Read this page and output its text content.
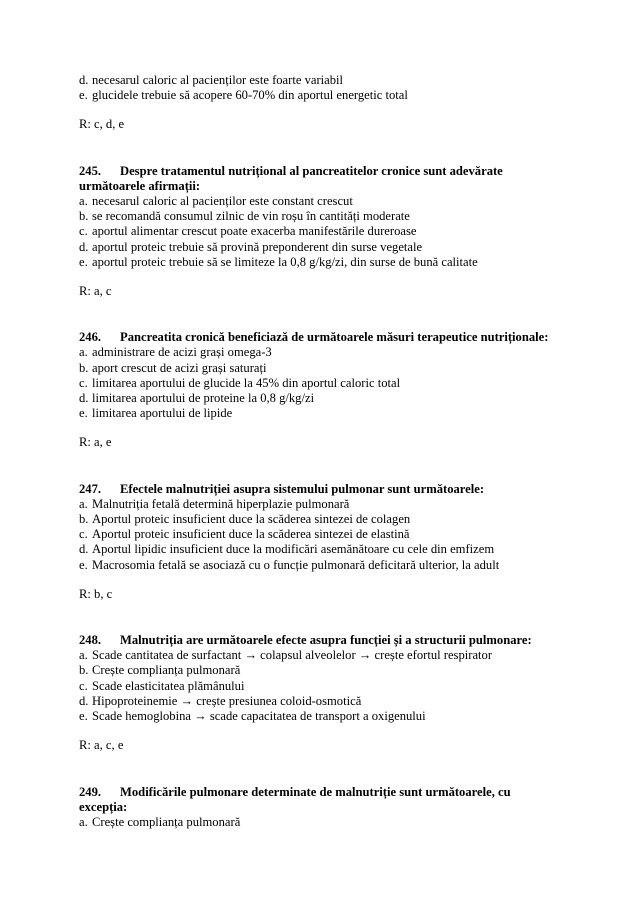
d. necesarul caloric al pacienților este foarte variabil
e. glucidele trebuie să acopere 60-70% din aportul energetic total
R: c, d, e
245. Despre tratamentul nutrițional al pancreatitelor cronice sunt adevărate
următoarele afirmații:
a. necesarul caloric al pacienților este constant crescut
b. se recomandă consumul zilnic de vin roșu în cantități moderate
c. aportul alimentar crescut poate exacerba manifestările dureroase
d. aportul proteic trebuie să provină preponderent din surse vegetale
e. aportul proteic trebuie să se limiteze la 0,8 g/kg/zi, din surse de bună calitate
R: a, c
246. Pancreatita cronică beneficiază de următoarele măsuri terapeutice nutriționale:
a. administrare de acizi grași omega-3
b. aport crescut de acizi grași saturați
c. limitarea aportului de glucide la 45% din aportul caloric total
d. limitarea aportului de proteine la 0,8 g/kg/zi
e. limitarea aportului de lipide
R: a, e
247. Efectele malnutriției asupra sistemului pulmonar sunt următoarele:
a. Malnutriția fetală determină hiperplazie pulmonară
b. Aportul proteic insuficient duce la scăderea sintezei de colagen
c. Aportul proteic insuficient duce la scăderea sintezei de elastină
d. Aportul lipidic insuficient duce la modificări asemănătoare cu cele din emfizem
e. Macrosomia fetală se asociază cu o funcție pulmonară deficitară ulterior, la adult
R: b, c
248. Malnutriția are următoarele efecte asupra funcției și a structurii pulmonare:
a. Scade cantitatea de surfactant → colapsul alveolelor → crește efortul respirator
b. Crește complianța pulmonară
c. Scade elasticitatea plămânului
d. Hipoproteinemie → crește presiunea coloid-osmotică
e. Scade hemoglobina → scade capacitatea de transport a oxigenului
R: a, c, e
249. Modificările pulmonare determinate de malnutriție sunt următoarele, cu
excepția:
a. Crește complianța pulmonară
